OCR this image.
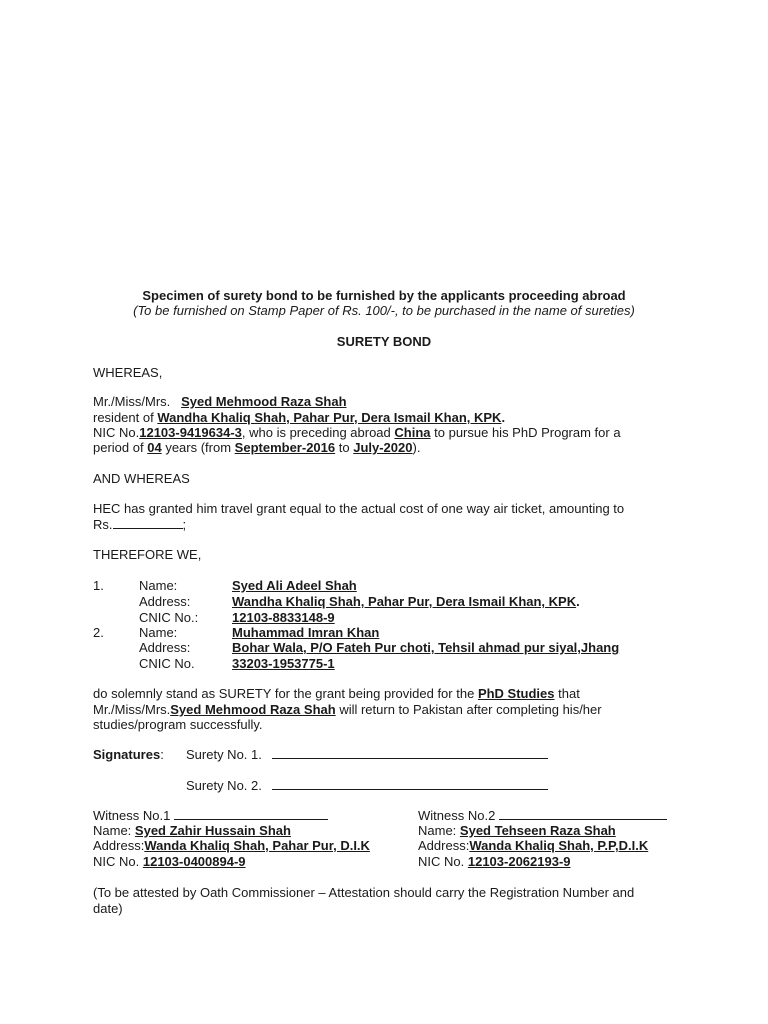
Specimen of surety bond to be furnished by the applicants proceeding abroad
(To be furnished on Stamp Paper of Rs. 100/-, to be purchased in the name of sureties)
SURETY BOND
WHEREAS,
Mr./Miss/Mrs. Syed Mehmood Raza Shah
resident of Wandha Khaliq Shah, Pahar Pur, Dera Ismail Khan, KPK.
NIC No.12103-9419634-3, who is preceding abroad China to pursue his PhD Program for a
period of 04 years (from September-2016 to July-2020).
AND WHEREAS
HEC has granted him travel grant equal to the actual cost of one way air ticket, amounting to
Rs.	;
THEREFORE WE,
1.	Name:	Syed Ali Adeel Shah
Address:	Wandha Khaliq Shah, Pahar Pur, Dera Ismail Khan, KPK.
CNIC No.:	12103-8833148-9
2.	Name:	Muhammad Imran Khan
Address:	Bohar Wala, P/O Fateh Pur choti, Tehsil ahmad pur siyal,Jhang
CNIC No.	33203-1953775-1
do solemnly stand as SURETY for the grant being provided for the PhD Studies that
Mr./Miss/Mrs.Syed Mehmood Raza Shah will return to Pakistan after completing his/her
studies/program successfully.
Signatures: Surety No. 1.
Surety No. 2.
Witness No.1
Name: Syed Zahir Hussain Shah
Address:Wanda Khaliq Shah, Pahar Pur, D.I.K
NIC No. 12103-0400894-9
Witness No.2
Name: Syed Tehseen Raza Shah
Address:Wanda Khaliq Shah, P.P,D.I.K
NIC No. 12103-2062193-9
(To be attested by Oath Commissioner – Attestation should carry the Registration Number and date)
